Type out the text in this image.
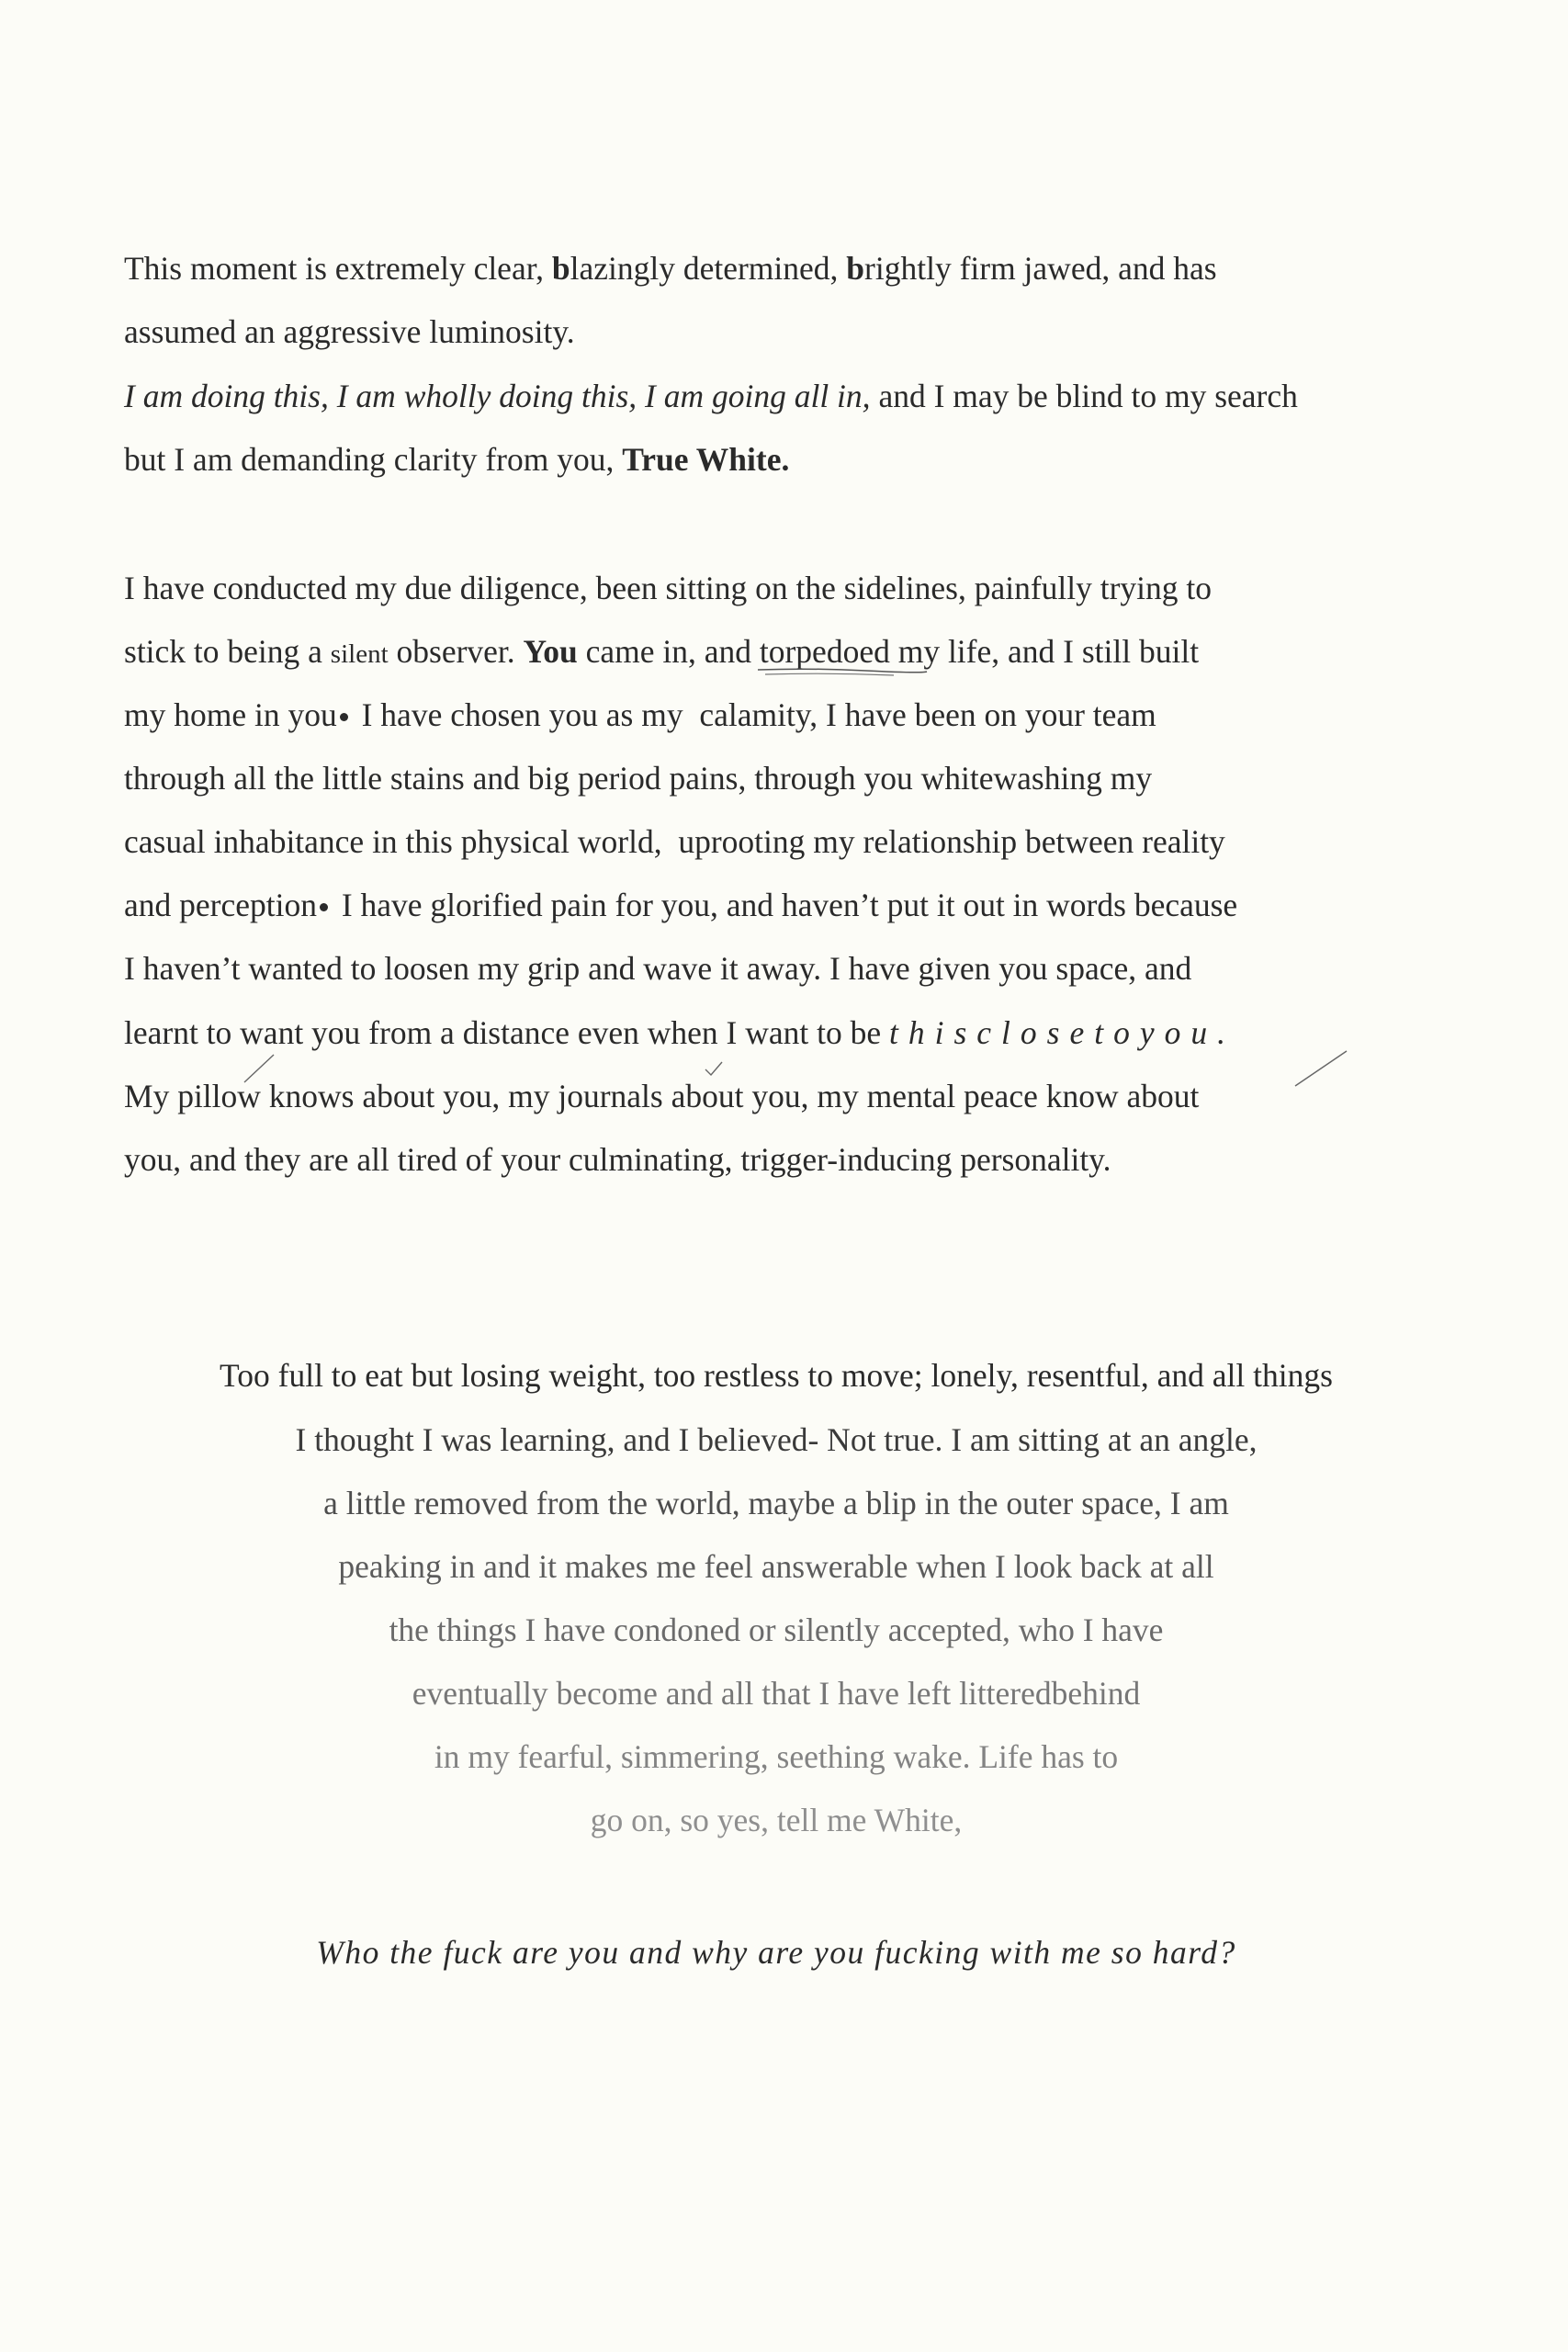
This moment is extremely clear, blazingly determined, brightly firm jawed, and has
assumed an aggressive luminosity.
I am doing this, I am wholly doing this, I am going all in, and I may be blind to my search
but I am demanding clarity from you, True White.
I have conducted my due diligence, been sitting on the sidelines, painfully trying to
stick to being a silent observer. You came in, and torpedoed
my life, and I still built
my home in you I have chosen you as my  calamity, I have been on your team
through all the little stains and big period pains, through you whitewashing my
casual inhabitance in this physical world,  uprooting my relationship between reality
and perception I have glorified pain for you, and haven’t put it out in words because
I haven’t wanted to loosen my grip and wave it away. I have given you space, and
learnt to want you from a distance even when I want to be thisclosetoyou.
My pillow knows about you, my journals about you, my mental peace know about
you, and they are all tired of your culminating, trigger-inducing personality.
Too full to eat but losing weight, too restless to move; lonely, resentful, and all things
I thought I was learning, and I believed- Not true. I am sitting at an angle,
a little removed from the world, maybe a blip in the outer space, I am
peaking in and it makes me feel answerable when I look back at all
the things I have condoned or silently accepted, who I have
eventually become and all that I have left litteredbehind
in my fearful, simmering, seething wake. Life has to
go on, so yes, tell me White,
Who the fuck are you and why are you fucking with me so hard?
